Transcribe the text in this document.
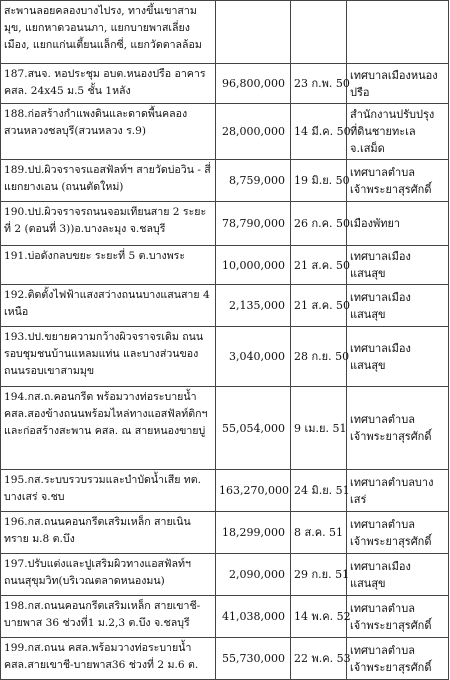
สะพานลอยคลองบางไปรง, ทางขึ้นเขาสามมุข, แยกหาดวอนนภา, แยกบายพาสเลี่ยงเมือง, แยกแก่นเตี้ยนแล็กซี่, แยกวัดตาลล้อม			
187.สนจ. หอประชุม อบต.หนองปรือ อาคาร คสล. 24x45 ม.5 ชั้น 1หลัง	96,800,000	23 ก.พ. 50	เทศบาลเมืองหนองปรือ
188.ก่อสร้างกำแพงดินและดาดพื้นคลองสวนหลวงชลบุรี(สวนหลวง ร.9)	28,000,000	14 มี.ค. 50	สำนักงานปรับปรุงที่ดินชายทะเล จ.เสม็ด
189.ปป.ผิวจราจรแอสฟัลท์ฯ สายวัดบ่อวิน - สี่แยกยางเอน (ถนนตัดใหม่)	8,759,000	19 มิ.ย. 50	เทศบาลตำบลเจ้าพระยาสุรศักดิ์
190.ปป.ผิวจราจรถนนจอมเทียนสาย 2 ระยะที่ 2 (ตอนที่ 3))อ.บางละมุง จ.ชลบุรี	78,790,000	26 ก.ค. 50	เมืองพัทยา
191.บ่อดังกลบขยะ ระยะที่ 5 ต.บางพระ	10,000,000	21 ส.ค. 50	เทศบาลเมืองแสนสุข
192.ติดตั้งไฟฟ้าแสงสว่างถนนบางแสนสาย 4 เหนือ	2,135,000	21 ส.ค. 50	เทศบาลเมืองแสนสุข
193.ปป.ขยายความกว้างผิวจราจรเดิม ถนนรอบชุมชนบ้านแหลมแท่น และบางส่วนของถนนรอบเขาสามมุข	3,040,000	28 ก.ย. 50	เทศบาลเมืองแสนสุข
194.กส.ถ.คอนกรีต พร้อมวางท่อระบายน้ำ คสล.สองข้างถนนพร้อมไหล่ทางแอสฟัลท์ติกฯและก่อสร้างสะพาน คสล. ณ สายหนองขายบู่	55,054,000	9 เม.ย. 51	เทศบาลตำบลเจ้าพระยาสุรศักดิ์
195.กส.ระบบรวบรวมและบำบัดน้ำเสีย ทต. บางเสร่ จ.ชบ	163,270,000	24 มิ.ย. 51	เทศบาลตำบลบางเสร่
196.กส.ถนนคอนกรีตเสริมเหล็ก สายเนินทราย ม.8 ต.บึง	18,299,000	8 ส.ค. 51	เทศบาลตำบลเจ้าพระยาสุรศักดิ์
197.ปรับแต่งและปูเสริมผิวทางแอสฟัลท์ฯ ถนนสุขุมวิท(บริเวณตลาดหนองมน)	2,090,000	29 ก.ย. 51	เทศบาลเมืองแสนสุข
198.กส.ถนนคอนกรีตเสริมเหล็ก สายเขาชี-บายพาส 36 ช่วงที่1 ม.2,3 ต.บึง จ.ชลบุรี	41,038,000	14 พ.ค. 52	เทศบาลตำบลเจ้าพระยาสุรศักดิ์
199.กส.ถนน คสล.พร้อมวางท่อระบายน้ำ คสล.สายเขาชี-บายพาส36 ช่วงที่ 2 ม.6 ต.	55,730,000	22 พ.ค. 53	เทศบาลตำบลเจ้าพระยาสุรศักดิ์
